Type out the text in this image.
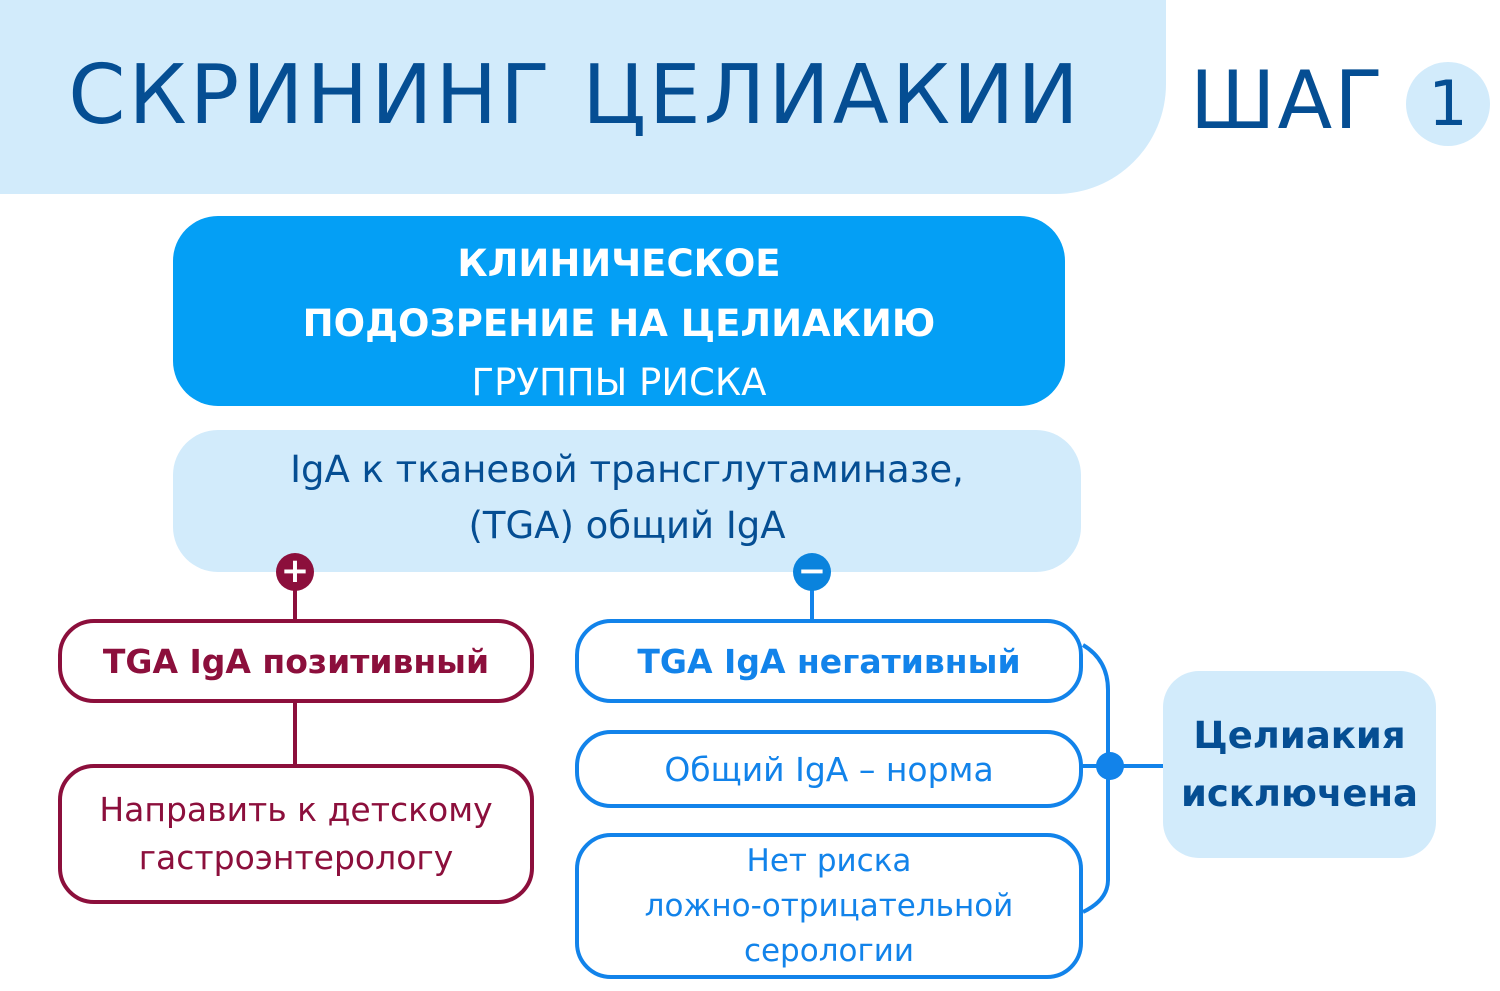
СКРИНИНГ ЦЕЛИАКИИ	ШАГ 1
КЛИНИЧЕСКОЕ
ПОДОЗРЕНИЕ НА ЦЕЛИАКИЮ
ГРУППЫ РИСКА
IgA к тканевой трансглутаминазе,
(TGA) общий IgA
+	−
TGA IgA позитивный
Направить к детскому
гастроэнтерологу
TGA IgA негативный
Общий IgA – норма
Нет риска
ложно-отрицательной
серологии
Целиакия
исключена
